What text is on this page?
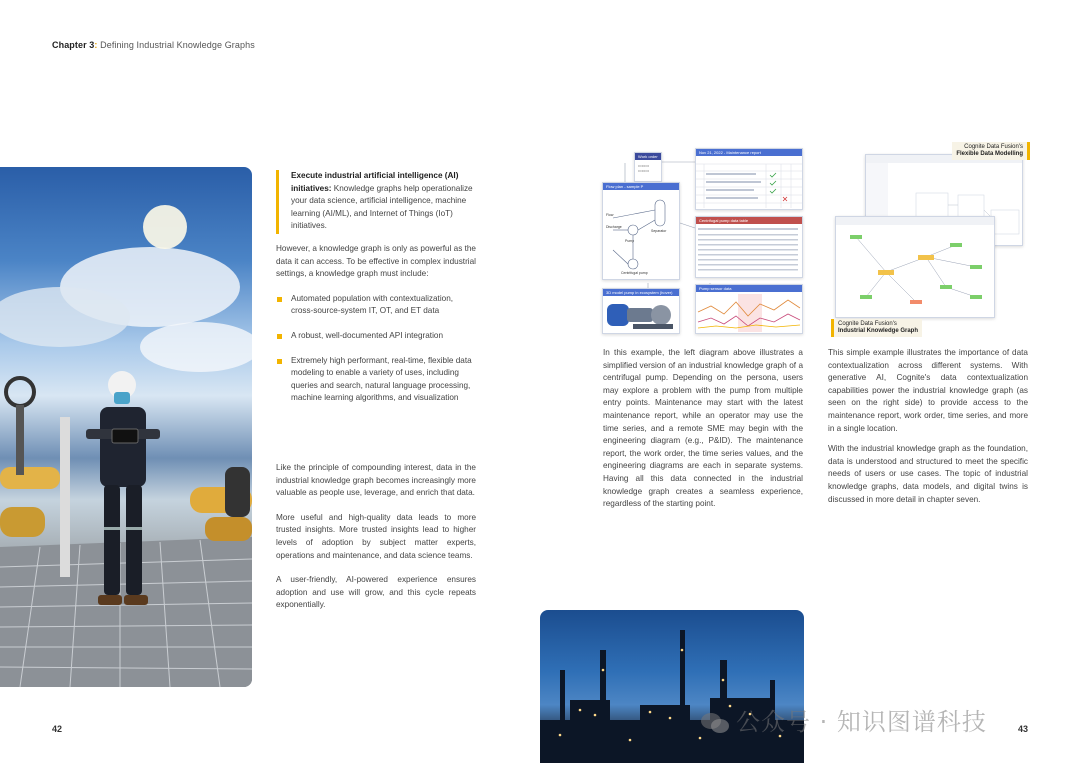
Chapter 3: Defining Industrial Knowledge Graphs
Execute industrial artificial intelligence (AI) initiatives: Knowledge graphs help operationalize your data science, artificial intelligence, machine learning (AI/ML), and Internet of Things (IoT) initiatives.

However, a knowledge graph is only as powerful as the data it can access. To be effective in complex industrial settings, a knowledge graph must include:

Automated population with contextualization, cross-source-system IT, OT, and ET data
A robust, well-documented API integration
Extremely high performant, real-time, flexible data modeling to enable a variety of uses, including queries and search, natural language processing, machine learning algorithms, and visualization

Like the principle of compounding interest, data in the industrial knowledge graph becomes increasingly more valuable as people use, leverage, and enrich that data.

More useful and high-quality data leads to more trusted insights. More trusted insights lead to higher levels of adoption by subject matter experts, operations and maintenance, and data science teams.

A user-friendly, AI-powered experience ensures adoption and use will grow, and this cycle repeats exponentially.

Work order
▭▭▭
▭▭▭
Nov 21, 2022 - Maintenance report
Flow plan - sample P
Flow
Discharge
Separator
Pump
Centrifugal pump
Centrifugal pump data table
3D model pump in ecosystem (hover)
Pump sensor data
Cognite Data Fusion's
Flexible Data Modelling
Cognite Data Fusion's
Industrial Knowledge Graph
In this example, the left diagram above illustrates a simplified version of an industrial knowledge graph of a centrifugal pump. Depending on the persona, users may explore a problem with the pump from multiple entry points. Maintenance may start with the latest maintenance report, while an operator may use the time series, and a remote SME may begin with the engineering diagram (e.g., P&ID). The maintenance report, the work order, the time series values, and the engineering diagrams are each in separate systems. Having all this data connected in the industrial knowledge graph creates a seamless experience, regardless of the starting point.

This simple example illustrates the importance of data contextualization across different systems. With generative AI, Cognite's data contextualization capabilities power the industrial knowledge graph (as seen on the right side) to provide access to the maintenance report, work order, time series, and more in a single location.

With the industrial knowledge graph as the foundation, data is understood and structured to meet the specific needs of users or use cases. The topic of industrial knowledge graphs, data models, and digital twins is discussed in more detail in chapter seven.

42	43
公众号 · 知识图谱科技
